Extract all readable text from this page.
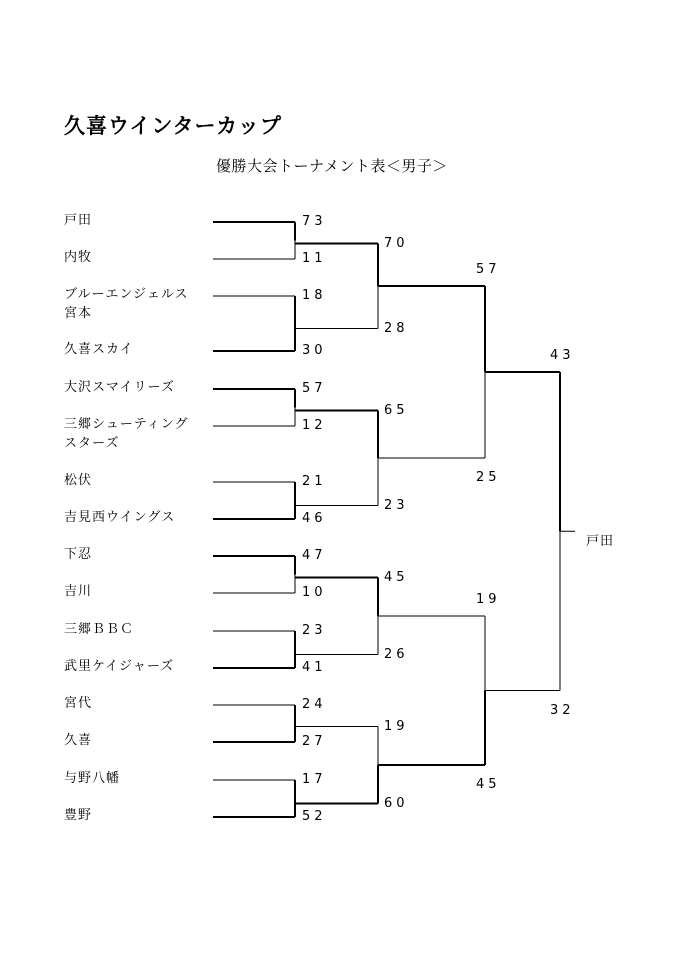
久喜ウインターカップ
優勝大会トーナメント表＜男子＞
戸田
内牧
ブルーエンジェルス
宮本
久喜スカイ
大沢スマイリーズ
三郷シューティング
スターズ
松伏
吉見西ウイングス
下忍
吉川
三郷ＢＢＣ
武里ケイジャーズ
宮代
久喜
与野八幡
豊野
73
11
18
30
57
12
21
46
47
10
23
41
24
27
17
52
70
28
65
23
45
26
19
60
57
25
19
45
43
32
戸田
